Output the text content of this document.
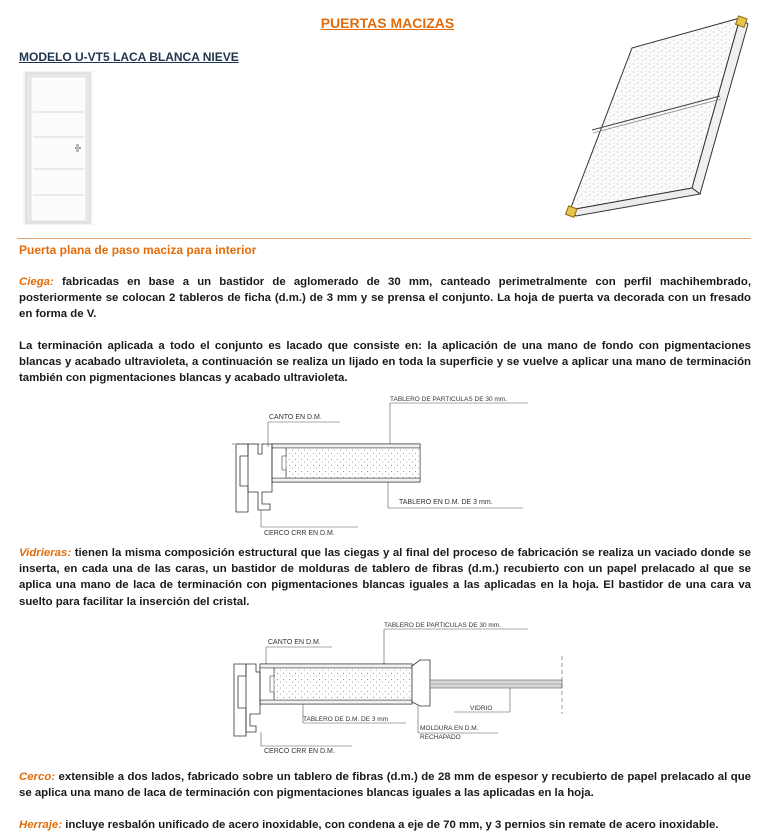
PUERTAS MACIZAS
MODELO U-VT5 LACA BLANCA NIEVE
Puerta plana de paso maciza para interior
Ciega: fabricadas en base a un bastidor de aglomerado de 30 mm, canteado perimetralmente con perfil machihembrado, posteriormente se colocan 2 tableros de ficha (d.m.) de 3 mm y se prensa el conjunto. La hoja de puerta va decorada con un fresado en forma de V.
La terminación aplicada a todo el conjunto es lacado que consiste en: la aplicación de una mano de fondo con pigmentaciones blancas y acabado ultravioleta, a continuación se realiza un lijado en toda la superficie y se vuelve a aplicar una mano de terminación también con pigmentaciones blancas y acabado ultravioleta.
TABLERO DE PARTICULAS DE 30 mm.
CANTO EN D.M.
TABLERO EN D.M. DE 3 mm.
CERCO CRR EN D.M.
Vidrieras: tienen la misma composición estructural que las ciegas y al final del proceso de fabricación se realiza un vaciado donde se inserta, en cada una de las caras, un bastidor de molduras de tablero de fibras (d.m.) recubierto con un papel prelacado al que se aplica una mano de laca de terminación con pigmentaciones blancas iguales a las aplicadas en la hoja. El bastidor de una cara va suelto para facilitar la inserción del cristal.
TABLERO DE PARTICULAS DE 30 mm.
CANTO EN D.M.
TABLERO DE D.M. DE 3 mm
MOLDURA EN D.M.
RECHAPADO
VIDRIO
CERCO CRR EN D.M.
Cerco: extensible a dos lados, fabricado sobre un tablero de fibras (d.m.) de 28 mm de espesor y recubierto de papel prelacado al que se aplica una mano de laca de terminación con pigmentaciones blancas iguales a las aplicadas en la hoja.
Herraje: incluye resbalón unificado de acero inoxidable, con condena a eje de 70 mm, y 3 pernios sin remate de acero inoxidable.
